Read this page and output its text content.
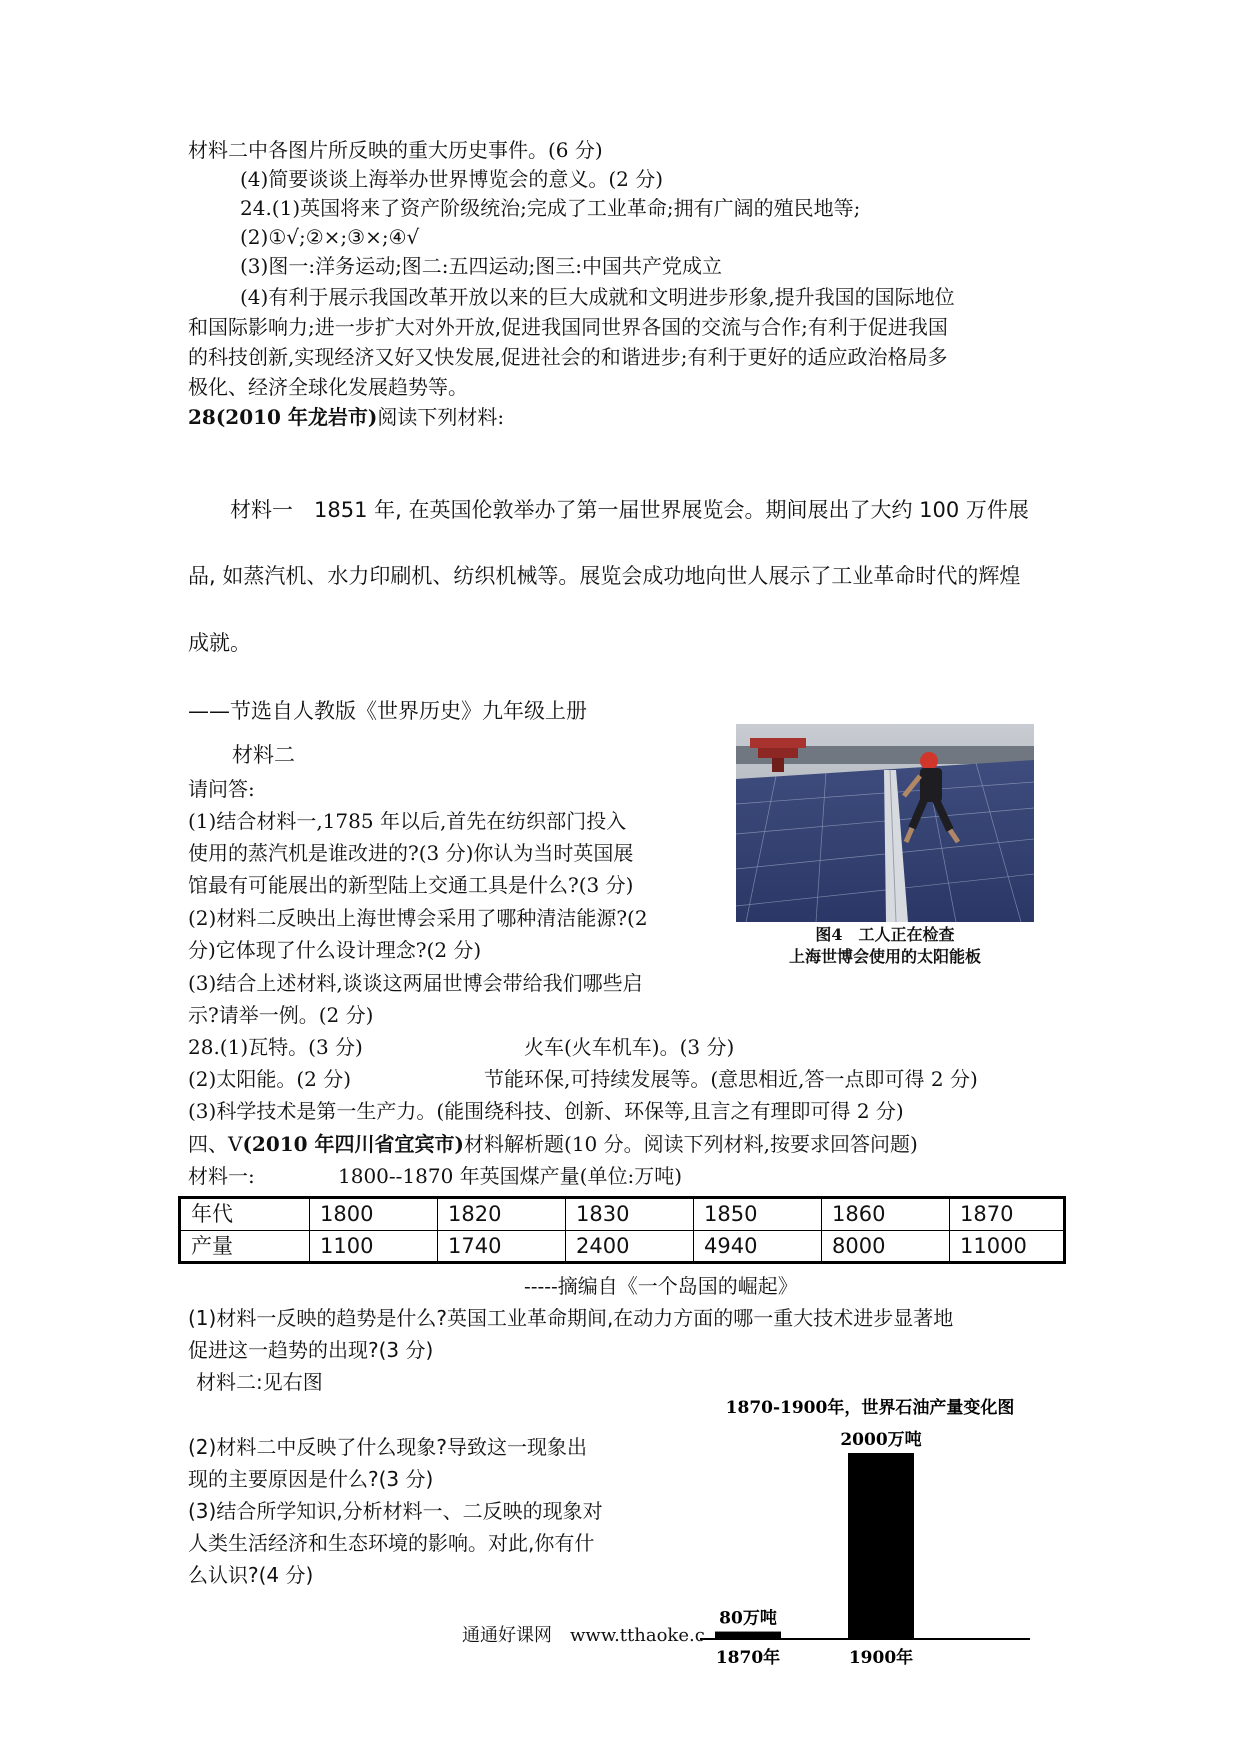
材料二中各图片所反映的重大历史事件。(6 分)
(4)简要谈谈上海举办世界博览会的意义。(2 分)
24.(1)英国将来了资产阶级统治;完成了工业革命;拥有广阔的殖民地等;
(2)①√;②×;③×;④√
(3)图一:洋务运动;图二:五四运动;图三:中国共产党成立
(4)有利于展示我国改革开放以来的巨大成就和文明进步形象,提升我国的国际地位
和国际影响力;进一步扩大对外开放,促进我国同世界各国的交流与合作;有利于促进我国
的科技创新,实现经济又好又快发展,促进社会的和谐进步;有利于更好的适应政治格局多
极化、经济全球化发展趋势等。
28(2010 年龙岩市)阅读下列材料:
材料一　1851 年, 在英国伦敦举办了第一届世界展览会。期间展出了大约 100 万件展
品, 如蒸汽机、水力印刷机、纺织机械等。展览会成功地向世人展示了工业革命时代的辉煌
成就。
——节选自人教版《世界历史》九年级上册
材料二
请问答:
(1)结合材料一,1785 年以后,首先在纺织部门投入
使用的蒸汽机是谁改进的?(3 分)你认为当时英国展
馆最有可能展出的新型陆上交通工具是什么?(3 分)
(2)材料二反映出上海世博会采用了哪种清洁能源?(2
分)它体现了什么设计理念?(2 分)
(3)结合上述材料,谈谈这两届世博会带给我们哪些启
示?请举一例。(2 分)
图4　工人正在检查
上海世博会使用的太阳能板
28.(1)瓦特。(3 分)	火车(火车机车)。(3 分)
(2)太阳能。(2 分)	节能环保,可持续发展等。(意思相近,答一点即可得 2 分)
(3)科学技术是第一生产力。(能围绕科技、创新、环保等,且言之有理即可得 2 分)
四、V(2010 年四川省宜宾市)材料解析题(10 分。阅读下列材料,按要求回答问题)
材料一:	1800--1870 年英国煤产量(单位:万吨)
年代	1800	1820	1830	1850	1860	1870
产量	1100	1740	2400	4940	8000	11000
-----摘编自《一个岛国的崛起》
(1)材料一反映的趋势是什么?英国工业革命期间,在动力方面的哪一重大技术进步显著地
促进这一趋势的出现?(3 分)
材料二:见右图
(2)材料二中反映了什么现象?导致这一现象出
现的主要原因是什么?(3 分)
(3)结合所学知识,分析材料一、二反映的现象对
人类生活经济和生态环境的影响。对此,你有什
么认识?(4 分)
1870-1900年，世界石油产量变化图
80万吨
1870年
2000万吨
1900年
通通好课网　www.tthaoke.c
